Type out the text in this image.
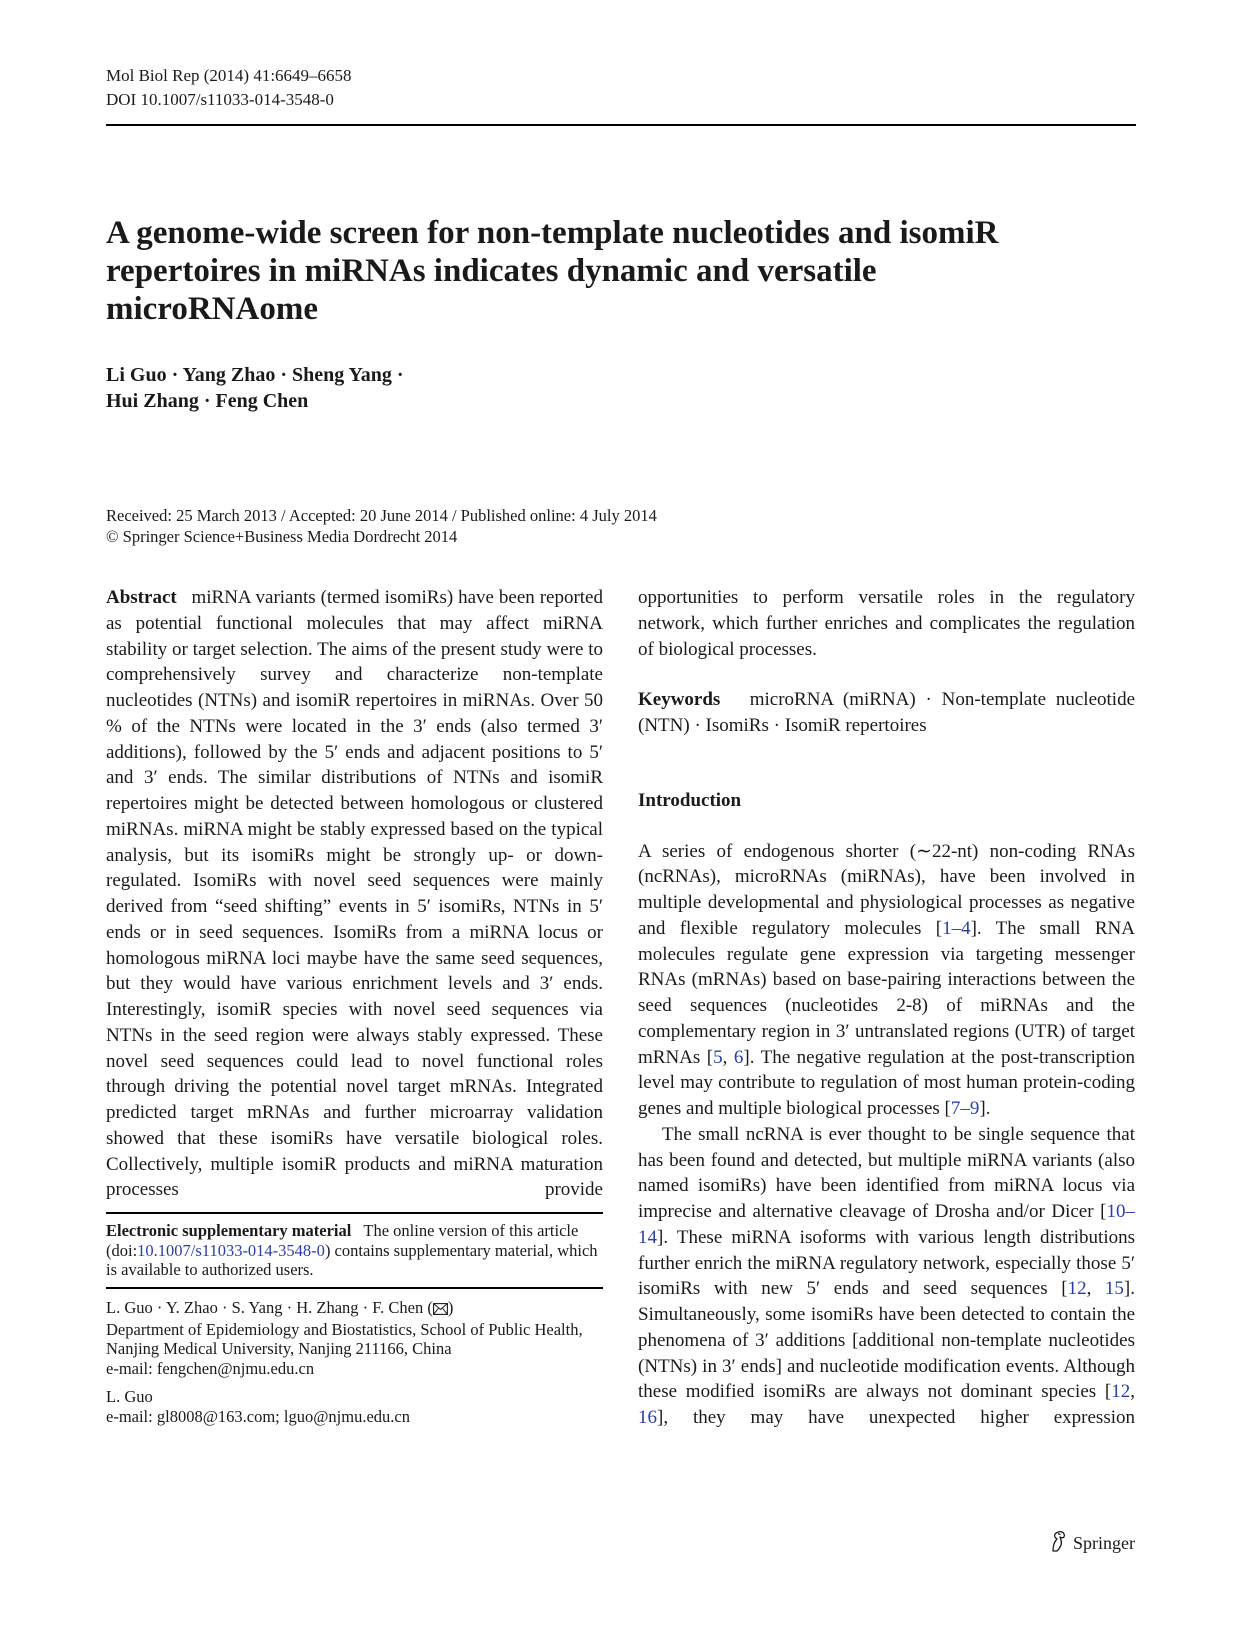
Mol Biol Rep (2014) 41:6649–6658
DOI 10.1007/s11033-014-3548-0
A genome-wide screen for non-template nucleotides and isomiR repertoires in miRNAs indicates dynamic and versatile microRNAome
Li Guo · Yang Zhao · Sheng Yang ·
Hui Zhang · Feng Chen
Received: 25 March 2013 / Accepted: 20 June 2014 / Published online: 4 July 2014
© Springer Science+Business Media Dordrecht 2014

Abstract miRNA variants (termed isomiRs) have been reported as potential functional molecules that may affect miRNA stability or target selection. The aims of the present study were to comprehensively survey and characterize non-template nucleotides (NTNs) and isomiR repertoires in miRNAs. Over 50 % of the NTNs were located in the 3′ ends (also termed 3′ additions), followed by the 5′ ends and adjacent positions to 5′ and 3′ ends. The similar distributions of NTNs and isomiR repertoires might be detected between homologous or clustered miRNAs. miRNA might be stably expressed based on the typical analysis, but its isomiRs might be strongly up- or down-regulated. IsomiRs with novel seed sequences were mainly derived from “seed shifting” events in 5′ isomiRs, NTNs in 5′ ends or in seed sequences. IsomiRs from a miRNA locus or homologous miRNA loci maybe have the same seed sequences, but they would have various enrichment levels and 3′ ends. Interestingly, isomiR species with novel seed sequences via NTNs in the seed region were always stably expressed. These novel seed sequences could lead to novel functional roles through driving the potential novel target mRNAs. Integrated predicted target mRNAs and further microarray validation showed that these isomiRs have versatile biological roles. Collectively, multiple isomiR products and miRNA maturation processes provide

Electronic supplementary material The online version of this article (doi:10.1007/s11033-014-3548-0) contains supplementary material, which is available to authorized users.

L. Guo · Y. Zhao · S. Yang · H. Zhang · F. Chen ( )

Department of Epidemiology and Biostatistics, School of Public Health, Nanjing Medical University, Nanjing 211166, China

e-mail: fengchen@njmu.edu.cn

L. Guo

e-mail: gl8008@163.com; lguo@njmu.edu.cn

opportunities to perform versatile roles in the regulatory network, which further enriches and complicates the regulation of biological processes.

Keywords microRNA (miRNA) · Non-template nucleotide (NTN) · IsomiRs · IsomiR repertoires

Introduction

A series of endogenous shorter (∼22-nt) non-coding RNAs (ncRNAs), microRNAs (miRNAs), have been involved in multiple developmental and physiological processes as negative and flexible regulatory molecules [1–4]. The small RNA molecules regulate gene expression via targeting messenger RNAs (mRNAs) based on base-pairing interactions between the seed sequences (nucleotides 2-8) of miRNAs and the complementary region in 3′ untranslated regions (UTR) of target mRNAs [5, 6]. The negative regulation at the post-transcription level may contribute to regulation of most human protein-coding genes and multiple biological processes [7–9].

The small ncRNA is ever thought to be single sequence that has been found and detected, but multiple miRNA variants (also named isomiRs) have been identified from miRNA locus via imprecise and alternative cleavage of Drosha and/or Dicer [10–14]. These miRNA isoforms with various length distributions further enrich the miRNA regulatory network, especially those 5′ isomiRs with new 5′ ends and seed sequences [12, 15]. Simultaneously, some isomiRs have been detected to contain the phenomena of 3′ additions [additional non-template nucleotides (NTNs) in 3′ ends] and nucleotide modification events. Although these modified isomiRs are always not dominant species [12, 16], they may have unexpected higher expression

Springer
